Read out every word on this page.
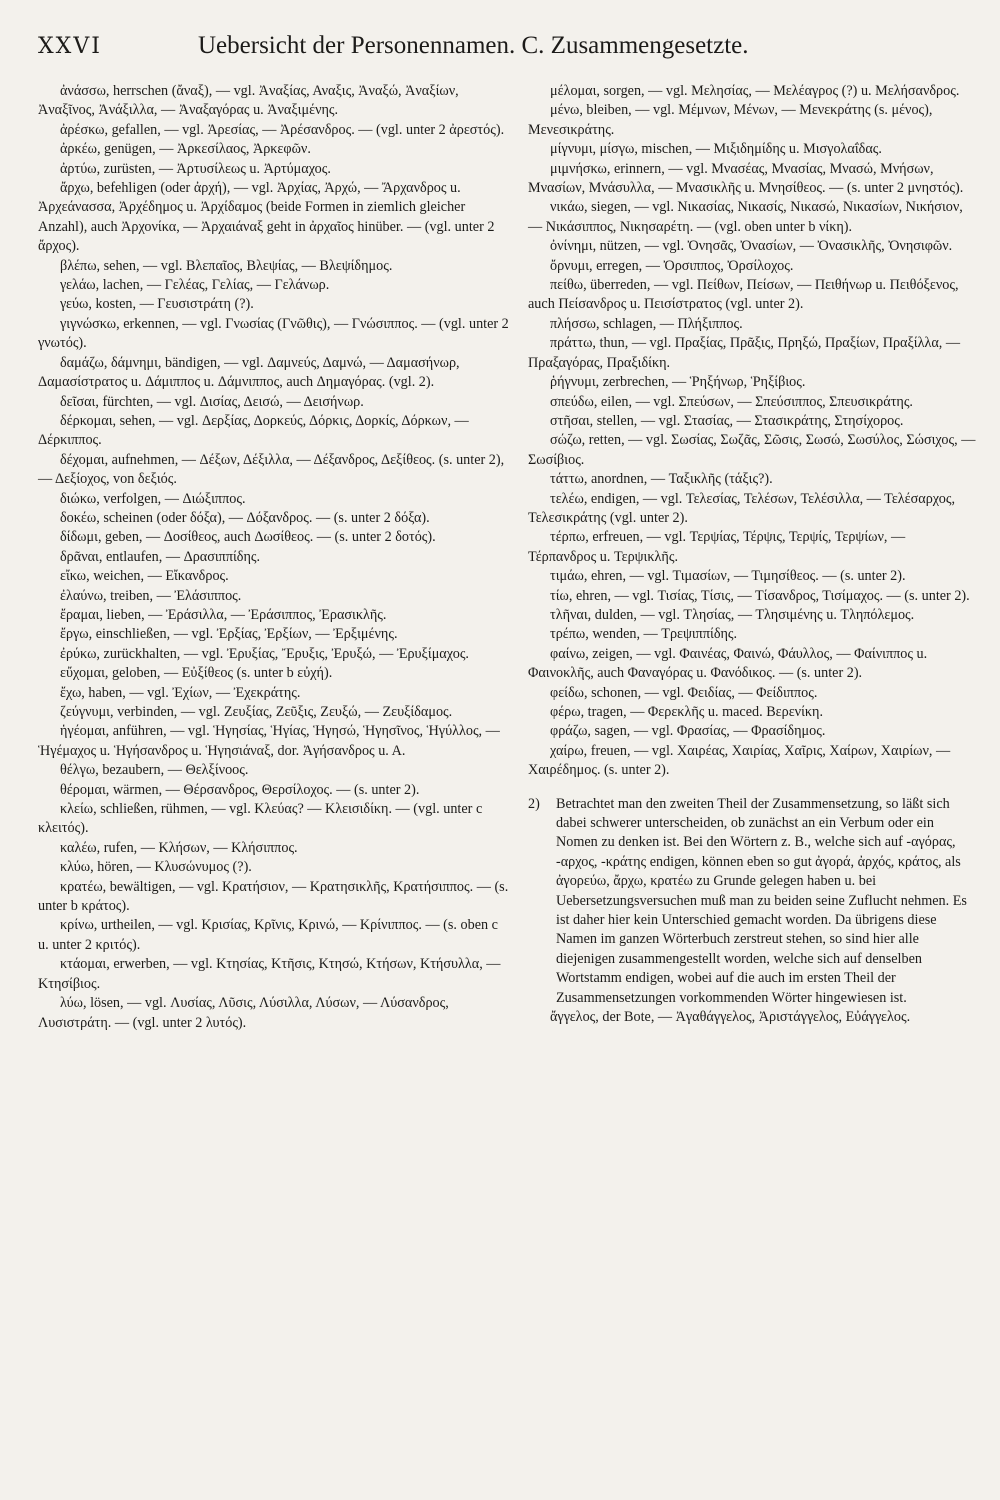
XXVI	Uebersicht der Personennamen. C. Zusammengesetzte.

ἀνάσσω, herrschen (ἄναξ), — vgl. Ἀναξίας, Αναξις, Ἀναξώ, Ἀναξίων, Ἀναξῖνος, Ἀνάξιλλα, — Ἀναξαγόρας u. Ἀναξιμένης.

ἀρέσκω, gefallen, — vgl. Ἀρεσίας, — Ἀρέσανδρος. — (vgl. unter 2 ἀρεστός).

ἀρκέω, genügen, — Ἀρκεσίλαος, Ἀρκεφῶν.

ἀρτύω, zurüsten, — Ἀρτυσίλεως u. Ἀρτύμαχος.

ἄρχω, befehligen (oder ἀρχή), — vgl. Ἀρχίας, Ἀρχώ, — Ἄρχανδρος u. Ἀρχεάνασσα, Ἀρχέδημος u. Ἀρχίδαμος (beide Formen in ziemlich gleicher Anzahl), auch Ἀρχονίκα, — Ἀρχαιάναξ geht in ἀρχαῖος hinüber. — (vgl. unter 2 ἄρχος).

βλέπω, sehen, — vgl. Βλεπαῖος, Βλεψίας, — Βλεψίδημος.

γελάω, lachen, — Γελέας, Γελίας, — Γελάνωρ.

γεύω, kosten, — Γευσιστράτη (?).

γιγνώσκω, erkennen, — vgl. Γνωσίας (Γνῶθις), — Γνώσιππος. — (vgl. unter 2 γνωτός).

δαμάζω, δάμνημι, bändigen, — vgl. Δαμνεύς, Δαμνώ, — Δαμασήνωρ, Δαμασίστρατος u. Δάμιππος u. Δάμνιππος, auch Δημαγόρας. (vgl. 2).

δεῖσαι, fürchten, — vgl. Δισίας, Δεισώ, — Δεισήνωρ.

δέρκομαι, sehen, — vgl. Δερξίας, Δορκεύς, Δόρκις, Δορκίς, Δόρκων, — Δέρκιππος.

δέχομαι, aufnehmen, — Δέξων, Δέξιλλα, — Δέξανδρος, Δεξίθεος. (s. unter 2), — Δεξίοχος, von δεξιός.

διώκω, verfolgen, — Διώξιππος.

δοκέω, scheinen (oder δόξα), — Δόξανδρος. — (s. unter 2 δόξα).

δίδωμι, geben, — Δοσίθεος, auch Δωσίθεος. — (s. unter 2 δοτός).

δρᾶναι, entlaufen, — Δρασιππίδης.

εἴκω, weichen, — Εἴκανδρος.

ἐλαύνω, treiben, — Ἐλάσιππος.

ἔραμαι, lieben, — Ἐράσιλλα, — Ἐράσιππος, Ἐρασικλῆς.

ἔργω, einschließen, — vgl. Ἐρξίας, Ἐρξίων, — Ἐρξιμένης.

ἐρύκω, zurückhalten, — vgl. Ἐρυξίας, Ἔρυξις, Ἐρυξώ, — Ἐρυξίμαχος.

εὔχομαι, geloben, — Εὐξίθεος (s. unter b εὐχή).

ἔχω, haben, — vgl. Ἐχίων, — Ἐχεκράτης.

ζεύγνυμι, verbinden, — vgl. Ζευξίας, Ζεῦξις, Ζευξώ, — Ζευξίδαμος.

ἡγέομαι, anführen, — vgl. Ἡγησίας, Ἡγίας, Ἡγησώ, Ἡγησῖνος, Ἡγύλλος, — Ἡγέμαχος u. Ἡγήσανδρος u. Ἡγησιάναξ, dor. Ἀγήσανδρος u. A.

θέλγω, bezaubern, — Θελξίνοος.

θέρομαι, wärmen, — Θέρσανδρος, Θερσίλοχος. — (s. unter 2).

κλείω, schließen, rühmen, — vgl. Κλεύας? — Κλεισιδίκη. — (vgl. unter c κλειτός).

καλέω, rufen, — Κλήσων, — Κλήσιππος.

κλύω, hören, — Κλυσώνυμος (?).

κρατέω, bewältigen, — vgl. Κρατήσιον, — Κρατησικλῆς, Κρατήσιππος. — (s. unter b κράτος).

κρίνω, urtheilen, — vgl. Κρισίας, Κρῖνις, Κρινώ, — Κρίνιππος. — (s. oben c u. unter 2 κριτός).

κτάομαι, erwerben, — vgl. Κτησίας, Κτῆσις, Κτησώ, Κτήσων, Κτήσυλλα, — Κτησίβιος.

λύω, lösen, — vgl. Λυσίας, Λῦσις, Λύσιλλα, Λύσων, — Λύσανδρος, Λυσιστράτη. — (vgl. unter 2 λυτός).

μέλομαι, sorgen, — vgl. Μελησίας, — Μελέαγρος (?) u. Μελήσανδρος.

μένω, bleiben, — vgl. Μέμνων, Μένων, — Μενεκράτης (s. μένος), Μενεσικράτης.

μίγνυμι, μίσγω, mischen, — Μιξιδημίδης u. Μισγολαΐδας.

μιμνήσκω, erinnern, — vgl. Μνασέας, Μνασίας, Μνασώ, Μνήσων, Μνασίων, Μνάσυλλα, — Μνασικλῆς u. Μνησίθεος. — (s. unter 2 μνηστός).

νικάω, siegen, — vgl. Νικασίας, Νικασίς, Νικασώ, Νικασίων, Νικήσιον, — Νικάσιππος, Νικησαρέτη. — (vgl. oben unter b νίκη).

ὀνίνημι, nützen, — vgl. Ὀνησᾶς, Ὀνασίων, — Ὀνασικλῆς, Ὀνησιφῶν.

ὄρνυμι, erregen, — Ὀρσιππος, Ὀρσίλοχος.

πείθω, überreden, — vgl. Πείθων, Πείσων, — Πειθήνωρ u. Πειθόξενος, auch Πείσανδρος u. Πεισίστρατος (vgl. unter 2).

πλήσσω, schlagen, — Πλήξιππος.

πράττω, thun, — vgl. Πραξίας, Πρᾶξις, Πρηξώ, Πραξίων, Πραξίλλα, — Πραξαγόρας, Πραξιδίκη.

ῥήγνυμι, zerbrechen, — Ῥηξήνωρ, Ῥηξίβιος.

σπεύδω, eilen, — vgl. Σπεύσων, — Σπεύσιππος, Σπευσικράτης.

στῆσαι, stellen, — vgl. Στασίας, — Στασικράτης, Στησίχορος.

σώζω, retten, — vgl. Σωσίας, Σωζᾶς, Σῶσις, Σωσώ, Σωσύλος, Σώσιχος, — Σωσίβιος.

τάττω, anordnen, — Ταξικλῆς (τάξις?).

τελέω, endigen, — vgl. Τελεσίας, Τελέσων, Τελέσιλλα, — Τελέσαρχος, Τελεσικράτης (vgl. unter 2).

τέρπω, erfreuen, — vgl. Τερψίας, Τέρψις, Τερψίς, Τερψίων, — Τέρπανδρος u. Τερψικλῆς.

τιμάω, ehren, — vgl. Τιμασίων, — Τιμησίθεος. — (s. unter 2).

τίω, ehren, — vgl. Τισίας, Τίσις, — Τίσανδρος, Τισίμαχος. — (s. unter 2).

τλῆναι, dulden, — vgl. Τλησίας, — Τλησιμένης u. Τληπόλεμος.

τρέπω, wenden, — Τρεψιππίδης.

φαίνω, zeigen, — vgl. Φαινέας, Φαινώ, Φάυλλος, — Φαίνιππος u. Φαινοκλῆς, auch Φαναγόρας u. Φανόδικος. — (s. unter 2).

φείδω, schonen, — vgl. Φειδίας, — Φείδιππος.

φέρω, tragen, — Φερεκλῆς u. maced. Βερενίκη.

φράζω, sagen, — vgl. Φρασίας, — Φρασίδημος.

χαίρω, freuen, — vgl. Χαιρέας, Χαιρίας, Χαῖρις, Χαίρων, Χαιρίων, — Χαιρέδημος. (s. unter 2).

2) Betrachtet man den zweiten Theil der Zusammensetzung, so läßt sich dabei schwerer unterscheiden, ob zunächst an ein Verbum oder ein Nomen zu denken ist. Bei den Wörtern z. B., welche sich auf -αγόρας, -αρχος, -κράτης endigen, können eben so gut ἀγορά, ἀρχός, κράτος, als ἀγορεύω, ἄρχω, κρατέω zu Grunde gelegen haben u. bei Uebersetzungsversuchen muß man zu beiden seine Zuflucht nehmen. Es ist daher hier kein Unterschied gemacht worden. Da übrigens diese Namen im ganzen Wörterbuch zerstreut stehen, so sind hier alle diejenigen zusammengestellt worden, welche sich auf denselben Wortstamm endigen, wobei auf die auch im ersten Theil der Zusammensetzungen vorkommenden Wörter hingewiesen ist.

ἄγγελος, der Bote, — Ἀγαθάγγελος, Ἀριστάγγελος, Εὐάγγελος.
